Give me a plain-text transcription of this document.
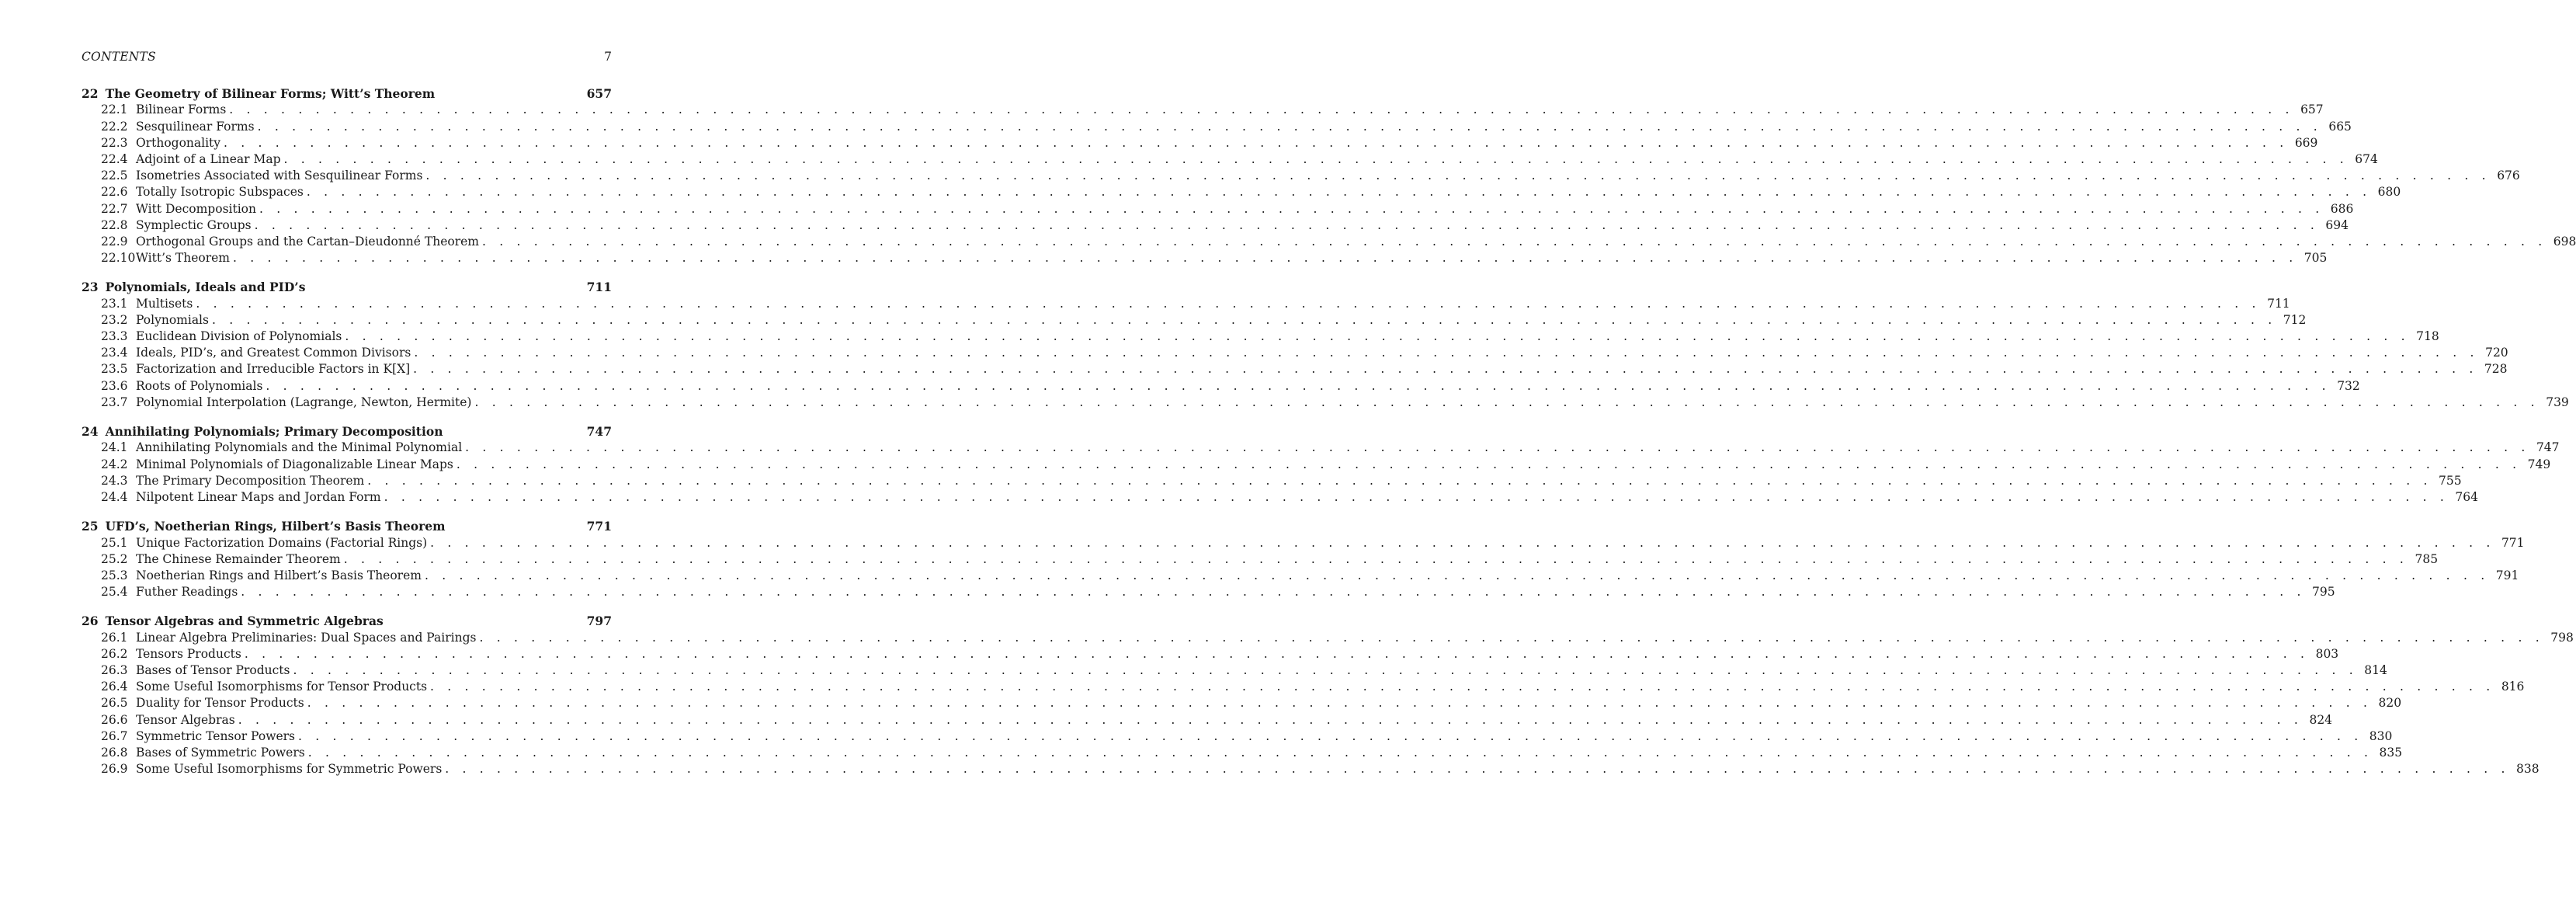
CONTENTS	7
22 The Geometry of Bilinear Forms; Witt’s Theorem	657
22.1 Bilinear Forms . . . . . . . . . . . . . . . . . . . . . . . . . . . . . . . . . . . . . . . . . . . . . . . . . . . . . . . . . . . . . . . . . . . . . . . . . . . . . . . . . . . . . . . . . . . . . . . . . . . . . . . . . . . . . . . . . . . . . . . . 657
22.2 Sesquilinear Forms . . . . . . . . . . . . . . . . . . . . . . . . . . . . . . . . . . . . . . . . . . . . . . . . . . . . . . . . . . . . . . . . . . . . . . . . . . . . . . . . . . . . . . . . . . . . . . . . . . . . . . . . . . . . . . . . . . . . . . . . 665
22.3 Orthogonality . . . . . . . . . . . . . . . . . . . . . . . . . . . . . . . . . . . . . . . . . . . . . . . . . . . . . . . . . . . . . . . . . . . . . . . . . . . . . . . . . . . . . . . . . . . . . . . . . . . . . . . . . . . . . . . . . . . . . . . . 669
22.4 Adjoint of a Linear Map . . . . . . . . . . . . . . . . . . . . . . . . . . . . . . . . . . . . . . . . . . . . . . . . . . . . . . . . . . . . . . . . . . . . . . . . . . . . . . . . . . . . . . . . . . . . . . . . . . . . . . . . . . . . . . . . . . . . . . . . 674
22.5 Isometries Associated with Sesquilinear Forms . . . . . . . . . . . . . . . . . . . . . . . . . . . . . . . . . . . . . . . . . . . . . . . . . . . . . . . . . . . . . . . . . . . . . . . . . . . . . . . . . . . . . . . . . . . . . . . . . . . . . . . . . . . . . . . . . . . . . . . . 676
22.6 Totally Isotropic Subspaces . . . . . . . . . . . . . . . . . . . . . . . . . . . . . . . . . . . . . . . . . . . . . . . . . . . . . . . . . . . . . . . . . . . . . . . . . . . . . . . . . . . . . . . . . . . . . . . . . . . . . . . . . . . . . . . . . . . . . . . . 680
22.7 Witt Decomposition . . . . . . . . . . . . . . . . . . . . . . . . . . . . . . . . . . . . . . . . . . . . . . . . . . . . . . . . . . . . . . . . . . . . . . . . . . . . . . . . . . . . . . . . . . . . . . . . . . . . . . . . . . . . . . . . . . . . . . . . 686
22.8 Symplectic Groups . . . . . . . . . . . . . . . . . . . . . . . . . . . . . . . . . . . . . . . . . . . . . . . . . . . . . . . . . . . . . . . . . . . . . . . . . . . . . . . . . . . . . . . . . . . . . . . . . . . . . . . . . . . . . . . . . . . . . . . . 694
22.9 Orthogonal Groups and the Cartan–Dieudonné Theorem . . . . . . . . . . . . . . . . . . . . . . . . . . . . . . . . . . . . . . . . . . . . . . . . . . . . . . . . . . . . . . . . . . . . . . . . . . . . . . . . . . . . . . . . . . . . . . . . . . . . . . . . . . . . . . . . . . . . . . . . 698
22.10 Witt’s Theorem . . . . . . . . . . . . . . . . . . . . . . . . . . . . . . . . . . . . . . . . . . . . . . . . . . . . . . . . . . . . . . . . . . . . . . . . . . . . . . . . . . . . . . . . . . . . . . . . . . . . . . . . . . . . . . . . . . . . . . . . 705
23 Polynomials, Ideals and PID’s	711
23.1 Multisets . . . . . . . . . . . . . . . . . . . . . . . . . . . . . . . . . . . . . . . . . . . . . . . . . . . . . . . . . . . . . . . . . . . . . . . . . . . . . . . . . . . . . . . . . . . . . . . . . . . . . . . . . . . . . . . . . . . . . . . . 711
23.2 Polynomials . . . . . . . . . . . . . . . . . . . . . . . . . . . . . . . . . . . . . . . . . . . . . . . . . . . . . . . . . . . . . . . . . . . . . . . . . . . . . . . . . . . . . . . . . . . . . . . . . . . . . . . . . . . . . . . . . . . . . . . . 712
23.3 Euclidean Division of Polynomials . . . . . . . . . . . . . . . . . . . . . . . . . . . . . . . . . . . . . . . . . . . . . . . . . . . . . . . . . . . . . . . . . . . . . . . . . . . . . . . . . . . . . . . . . . . . . . . . . . . . . . . . . . . . . . . . . . . . . . . . 718
23.4 Ideals, PID’s, and Greatest Common Divisors . . . . . . . . . . . . . . . . . . . . . . . . . . . . . . . . . . . . . . . . . . . . . . . . . . . . . . . . . . . . . . . . . . . . . . . . . . . . . . . . . . . . . . . . . . . . . . . . . . . . . . . . . . . . . . . . . . . . . . . . 720
23.5 Factorization and Irreducible Factors in K[X] . . . . . . . . . . . . . . . . . . . . . . . . . . . . . . . . . . . . . . . . . . . . . . . . . . . . . . . . . . . . . . . . . . . . . . . . . . . . . . . . . . . . . . . . . . . . . . . . . . . . . . . . . . . . . . . . . . . . . . . . 728
23.6 Roots of Polynomials . . . . . . . . . . . . . . . . . . . . . . . . . . . . . . . . . . . . . . . . . . . . . . . . . . . . . . . . . . . . . . . . . . . . . . . . . . . . . . . . . . . . . . . . . . . . . . . . . . . . . . . . . . . . . . . . . . . . . . . . 732
23.7 Polynomial Interpolation (Lagrange, Newton, Hermite) . . . . . . . . . . . . . . . . . . . . . . . . . . . . . . . . . . . . . . . . . . . . . . . . . . . . . . . . . . . . . . . . . . . . . . . . . . . . . . . . . . . . . . . . . . . . . . . . . . . . . . . . . . . . . . . . . . . . . . . . 739
24 Annihilating Polynomials; Primary Decomposition	747
24.1 Annihilating Polynomials and the Minimal Polynomial . . . . . . . . . . . . . . . . . . . . . . . . . . . . . . . . . . . . . . . . . . . . . . . . . . . . . . . . . . . . . . . . . . . . . . . . . . . . . . . . . . . . . . . . . . . . . . . . . . . . . . . . . . . . . . . . . . . . . . . . 747
24.2 Minimal Polynomials of Diagonalizable Linear Maps . . . . . . . . . . . . . . . . . . . . . . . . . . . . . . . . . . . . . . . . . . . . . . . . . . . . . . . . . . . . . . . . . . . . . . . . . . . . . . . . . . . . . . . . . . . . . . . . . . . . . . . . . . . . . . . . . . . . . . . . 749
24.3 The Primary Decomposition Theorem . . . . . . . . . . . . . . . . . . . . . . . . . . . . . . . . . . . . . . . . . . . . . . . . . . . . . . . . . . . . . . . . . . . . . . . . . . . . . . . . . . . . . . . . . . . . . . . . . . . . . . . . . . . . . . . . . . . . . . . . 755
24.4 Nilpotent Linear Maps and Jordan Form . . . . . . . . . . . . . . . . . . . . . . . . . . . . . . . . . . . . . . . . . . . . . . . . . . . . . . . . . . . . . . . . . . . . . . . . . . . . . . . . . . . . . . . . . . . . . . . . . . . . . . . . . . . . . . . . . . . . . . . . 764
25 UFD’s, Noetherian Rings, Hilbert’s Basis Theorem	771
25.1 Unique Factorization Domains (Factorial Rings) . . . . . . . . . . . . . . . . . . . . . . . . . . . . . . . . . . . . . . . . . . . . . . . . . . . . . . . . . . . . . . . . . . . . . . . . . . . . . . . . . . . . . . . . . . . . . . . . . . . . . . . . . . . . . . . . . . . . . . . . 771
25.2 The Chinese Remainder Theorem . . . . . . . . . . . . . . . . . . . . . . . . . . . . . . . . . . . . . . . . . . . . . . . . . . . . . . . . . . . . . . . . . . . . . . . . . . . . . . . . . . . . . . . . . . . . . . . . . . . . . . . . . . . . . . . . . . . . . . . . 785
25.3 Noetherian Rings and Hilbert’s Basis Theorem . . . . . . . . . . . . . . . . . . . . . . . . . . . . . . . . . . . . . . . . . . . . . . . . . . . . . . . . . . . . . . . . . . . . . . . . . . . . . . . . . . . . . . . . . . . . . . . . . . . . . . . . . . . . . . . . . . . . . . . . 791
25.4 Futher Readings . . . . . . . . . . . . . . . . . . . . . . . . . . . . . . . . . . . . . . . . . . . . . . . . . . . . . . . . . . . . . . . . . . . . . . . . . . . . . . . . . . . . . . . . . . . . . . . . . . . . . . . . . . . . . . . . . . . . . . . . 795
26 Tensor Algebras and Symmetric Algebras	797
26.1 Linear Algebra Preliminaries: Dual Spaces and Pairings . . . . . . . . . . . . . . . . . . . . . . . . . . . . . . . . . . . . . . . . . . . . . . . . . . . . . . . . . . . . . . . . . . . . . . . . . . . . . . . . . . . . . . . . . . . . . . . . . . . . . . . . . . . . . . . . . . . . . . . . 798
26.2 Tensors Products . . . . . . . . . . . . . . . . . . . . . . . . . . . . . . . . . . . . . . . . . . . . . . . . . . . . . . . . . . . . . . . . . . . . . . . . . . . . . . . . . . . . . . . . . . . . . . . . . . . . . . . . . . . . . . . . . . . . . . . . 803
26.3 Bases of Tensor Products . . . . . . . . . . . . . . . . . . . . . . . . . . . . . . . . . . . . . . . . . . . . . . . . . . . . . . . . . . . . . . . . . . . . . . . . . . . . . . . . . . . . . . . . . . . . . . . . . . . . . . . . . . . . . . . . . . . . . . . . 814
26.4 Some Useful Isomorphisms for Tensor Products . . . . . . . . . . . . . . . . . . . . . . . . . . . . . . . . . . . . . . . . . . . . . . . . . . . . . . . . . . . . . . . . . . . . . . . . . . . . . . . . . . . . . . . . . . . . . . . . . . . . . . . . . . . . . . . . . . . . . . . . 816
26.5 Duality for Tensor Products . . . . . . . . . . . . . . . . . . . . . . . . . . . . . . . . . . . . . . . . . . . . . . . . . . . . . . . . . . . . . . . . . . . . . . . . . . . . . . . . . . . . . . . . . . . . . . . . . . . . . . . . . . . . . . . . . . . . . . . . 820
26.6 Tensor Algebras . . . . . . . . . . . . . . . . . . . . . . . . . . . . . . . . . . . . . . . . . . . . . . . . . . . . . . . . . . . . . . . . . . . . . . . . . . . . . . . . . . . . . . . . . . . . . . . . . . . . . . . . . . . . . . . . . . . . . . . . 824
26.7 Symmetric Tensor Powers . . . . . . . . . . . . . . . . . . . . . . . . . . . . . . . . . . . . . . . . . . . . . . . . . . . . . . . . . . . . . . . . . . . . . . . . . . . . . . . . . . . . . . . . . . . . . . . . . . . . . . . . . . . . . . . . . . . . . . . . 830
26.8 Bases of Symmetric Powers . . . . . . . . . . . . . . . . . . . . . . . . . . . . . . . . . . . . . . . . . . . . . . . . . . . . . . . . . . . . . . . . . . . . . . . . . . . . . . . . . . . . . . . . . . . . . . . . . . . . . . . . . . . . . . . . . . . . . . . . 835
26.9 Some Useful Isomorphisms for Symmetric Powers . . . . . . . . . . . . . . . . . . . . . . . . . . . . . . . . . . . . . . . . . . . . . . . . . . . . . . . . . . . . . . . . . . . . . . . . . . . . . . . . . . . . . . . . . . . . . . . . . . . . . . . . . . . . . . . . . . . . . . . . 838
